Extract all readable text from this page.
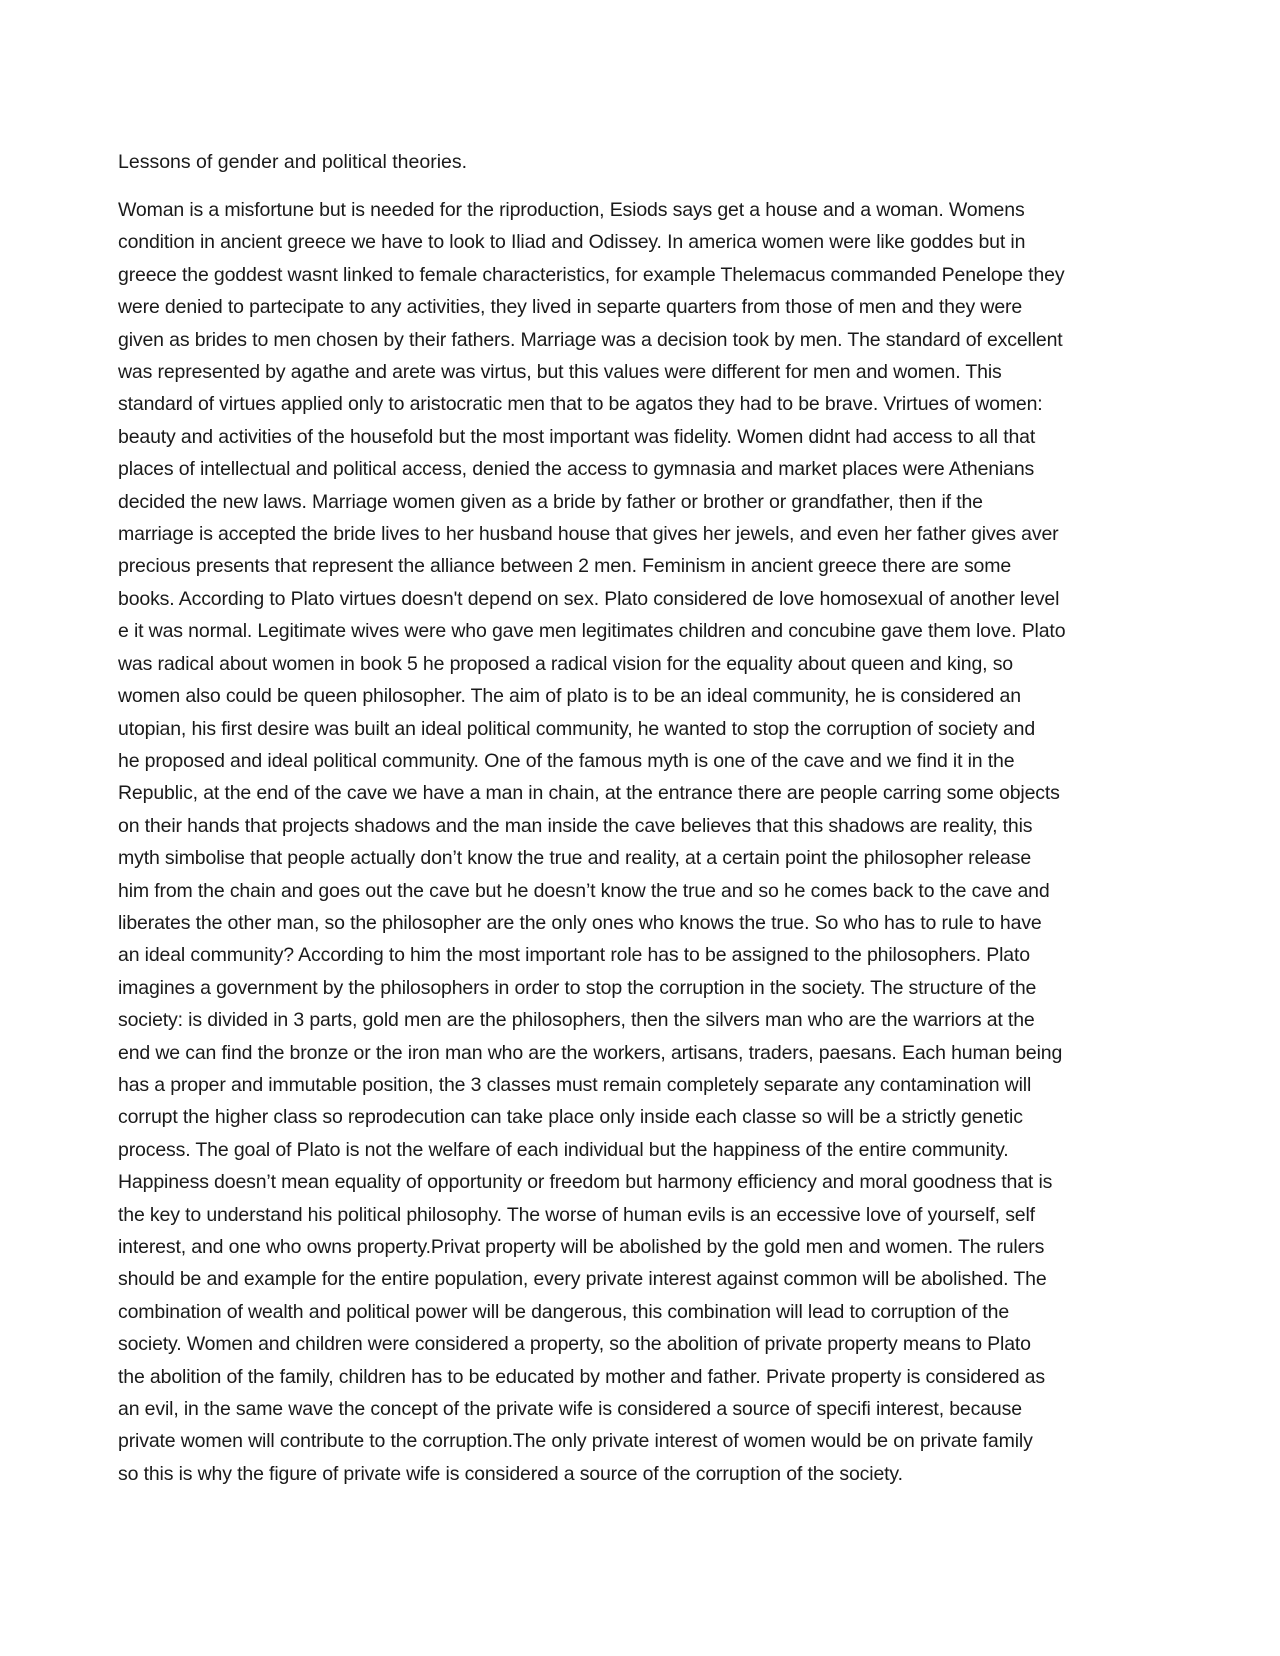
Lessons of gender and political theories.

Woman is a misfortune but is needed for the riproduction, Esiods says get a house and a woman. Womens
condition in ancient greece we have to look to Iliad and Odissey. In america women were like goddes but in
greece the goddest wasnt linked to female characteristics, for example Thelemacus commanded Penelope they
were denied to partecipate to any activities, they lived in separte quarters from those of men and they were
given as brides to men chosen by their fathers. Marriage was a decision took by men. The standard of excellent
was represented by agathe and arete was virtus, but this values were different for men and women. This
standard of virtues applied only to aristocratic men that to be agatos they had to be brave. Vrirtues of women:
beauty and activities of the housefold but the most important was fidelity. Women didnt had access to all that
places of intellectual and political access, denied the access to gymnasia and market places were Athenians
decided the new laws. Marriage women given as a bride by father or brother or grandfather, then if the
marriage is accepted the bride lives to her husband house that gives her jewels, and even her father gives aver
precious presents that represent the alliance between 2 men. Feminism in ancient greece there are some
books. According to Plato virtues doesn't depend on sex. Plato considered de love homosexual of another level
e it was normal. Legitimate wives were who gave men legitimates children and concubine gave them love. Plato
was radical about women in book 5 he proposed a radical vision for the equality about queen and king, so
women also could be queen philosopher. The aim of plato is to be an ideal community, he is considered an
utopian, his first desire was built an ideal political community, he wanted to stop the corruption of society and
he proposed and ideal political community. One of the famous myth is one of the cave and we find it in the
Republic, at the end of the cave we have a man in chain, at the entrance there are people carring some objects
on their hands that projects shadows and the man inside the cave believes that this shadows are reality, this
myth simbolise that people actually don’t know the true and reality, at a certain point the philosopher release
him from the chain and goes out the cave but he doesn’t know the true and so he comes back to the cave and
liberates the other man, so the philosopher are the only ones who knows the true. So who has to rule to have
an ideal community? According to him the most important role has to be assigned to the philosophers. Plato
imagines a government by the philosophers in order to stop the corruption in the society. The structure of the
society: is divided in 3 parts, gold men are the philosophers, then the silvers man who are the warriors at the
end we can find the bronze or the iron man who are the workers, artisans, traders, paesans. Each human being
has a proper and immutable position, the 3 classes must remain completely separate any contamination will
corrupt the higher class so reprodecution can take place only inside each classe so will be a strictly genetic
process. The goal of Plato is not the welfare of each individual but the happiness of the entire community.
Happiness doesn’t mean equality of opportunity or freedom but harmony efficiency and moral goodness that is
the key to understand his political philosophy. The worse of human evils is an eccessive love of yourself, self
interest, and one who owns property.Privat property will be abolished by the gold men and women. The rulers
should be and example for the entire population, every private interest against common will be abolished. The
combination of wealth and political power will be dangerous, this combination will lead to corruption of the
society. Women and children were considered a property, so the abolition of private property means to Plato
the abolition of the family, children has to be educated by mother and father. Private property is considered as
an evil, in the same wave the concept of the private wife is considered a source of specifi interest, because
private women will contribute to the corruption.The only private interest of women would be on private family
so this is why the figure of private wife is considered a source of the corruption of the society.
